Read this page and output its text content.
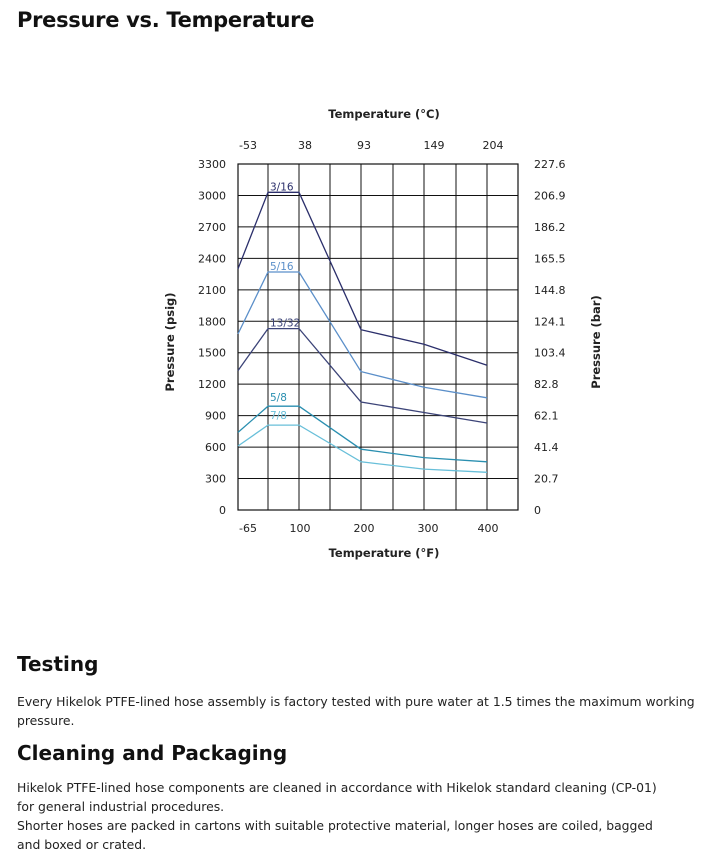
Pressure vs. Temperature
3/16
5/16
13/32
5/8
7/8
0	0
300	20.7
600	41.4
900	62.1
1200	82.8
1500	103.4
1800	124.1
2100	144.8
2400	165.5
2700	186.2
3000	206.9
3300	227.6
-65	100	200	300	400
-53	38	93	149	204
Temperature (°C)
Temperature (°F)
Pressure (psig)	Pressure (bar)
Testing

Every Hikelok PTFE-lined hose assembly is factory tested with pure water at 1.5 times the maximum working pressure.

Cleaning and Packaging

Hikelok PTFE-lined hose components are cleaned in accordance with Hikelok standard cleaning (CP-01) for general industrial procedures.

Shorter hoses are packed in cartons with suitable protective material, longer hoses are coiled, bagged and boxed or crated.
